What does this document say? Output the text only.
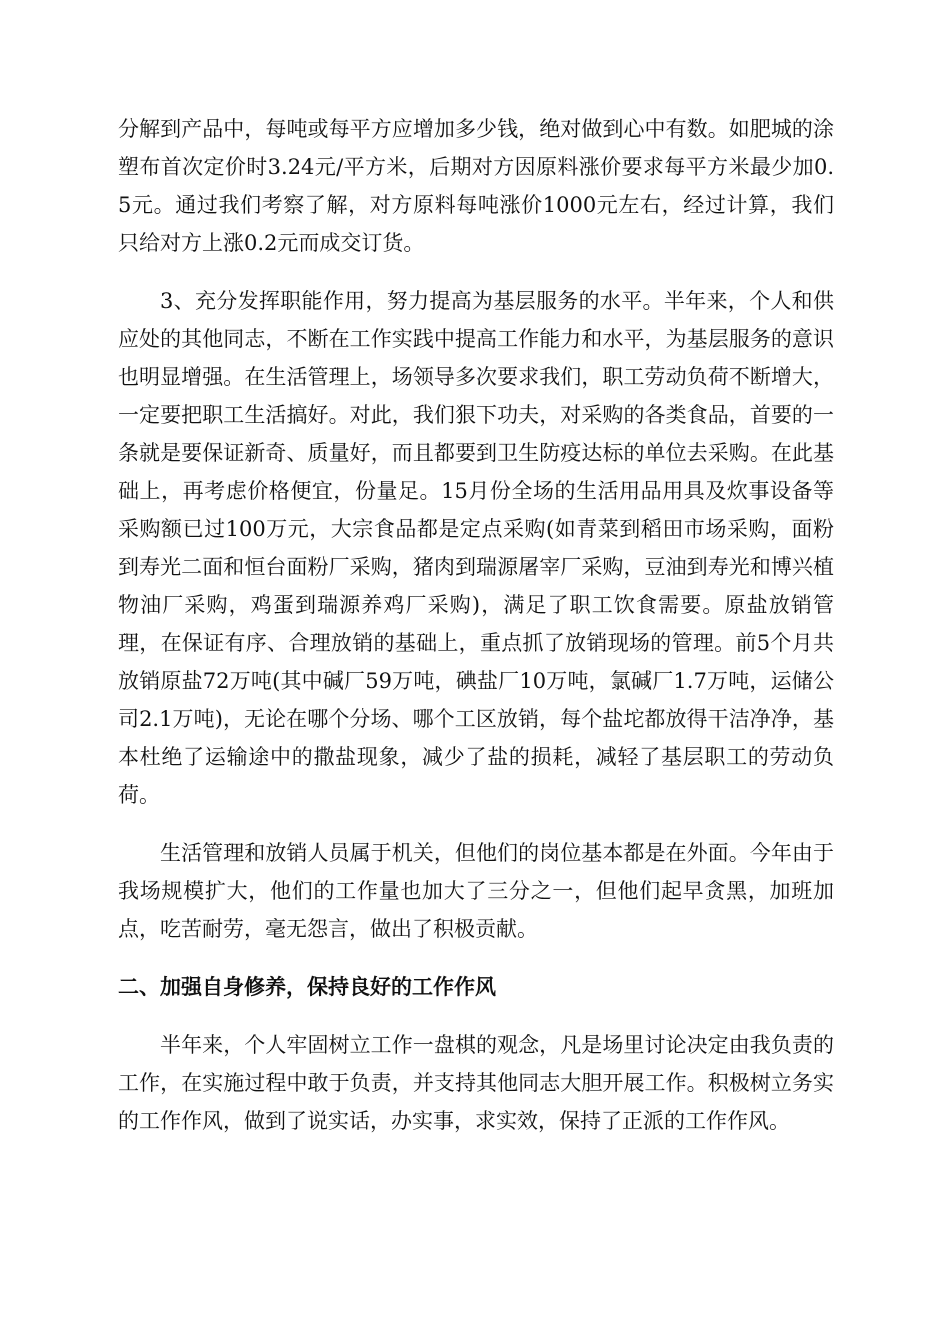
分解到产品中，每吨或每平方应增加多少钱，绝对做到心中有数。如肥城的涂塑布首次定价时3.24元/平方米，后期对方因原料涨价要求每平方米最少加0.5元。通过我们考察了解，对方原料每吨涨价1000元左右，经过计算，我们只给对方上涨0.2元而成交订货。

3、充分发挥职能作用，努力提高为基层服务的水平。半年来，个人和供应处的其他同志，不断在工作实践中提高工作能力和水平，为基层服务的意识也明显增强。在生活管理上，场领导多次要求我们，职工劳动负荷不断增大，一定要把职工生活搞好。对此，我们狠下功夫，对采购的各类食品，首要的一条就是要保证新奇、质量好，而且都要到卫生防疫达标的单位去采购。在此基础上，再考虑价格便宜，份量足。15月份全场的生活用品用具及炊事设备等采购额已过100万元，大宗食品都是定点采购(如青菜到稻田市场采购，面粉到寿光二面和恒台面粉厂采购，猪肉到瑞源屠宰厂采购，豆油到寿光和博兴植物油厂采购，鸡蛋到瑞源养鸡厂采购)，满足了职工饮食需要。原盐放销管理，在保证有序、合理放销的基础上，重点抓了放销现场的管理。前5个月共放销原盐72万吨(其中碱厂59万吨，碘盐厂10万吨，氯碱厂1.7万吨，运储公司2.1万吨)，无论在哪个分场、哪个工区放销，每个盐坨都放得干洁净净，基本杜绝了运输途中的撒盐现象，减少了盐的损耗，减轻了基层职工的劳动负荷。

生活管理和放销人员属于机关，但他们的岗位基本都是在外面。今年由于我场规模扩大，他们的工作量也加大了三分之一，但他们起早贪黑，加班加点，吃苦耐劳，毫无怨言，做出了积极贡献。

二、加强自身修养，保持良好的工作作风

半年来，个人牢固树立工作一盘棋的观念，凡是场里讨论决定由我负责的工作，在实施过程中敢于负责，并支持其他同志大胆开展工作。积极树立务实的工作作风，做到了说实话，办实事，求实效，保持了正派的工作作风。
